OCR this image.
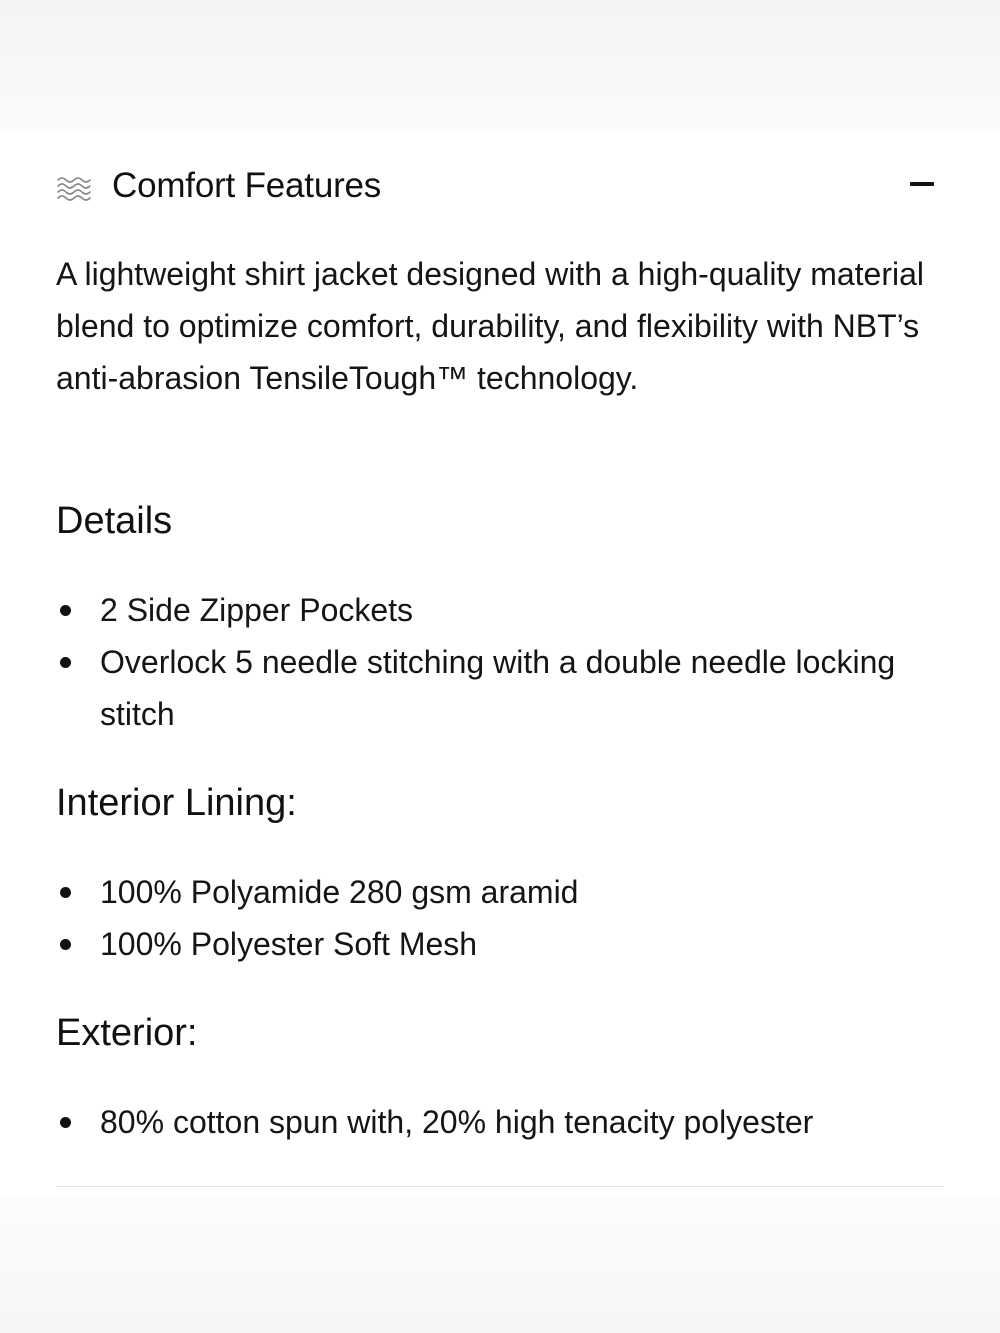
Comfort Features

A lightweight shirt jacket designed with a high-quality material blend to optimize comfort, durability, and flexibility with NBT’s anti-abrasion TensileTough™ technology.

Details
2 Side Zipper Pockets
Overlock 5 needle stitching with a double needle locking stitch
Interior Lining:
100% Polyamide 280 gsm aramid
100% Polyester Soft Mesh
Exterior:
80% cotton spun with, 20% high tenacity polyester
